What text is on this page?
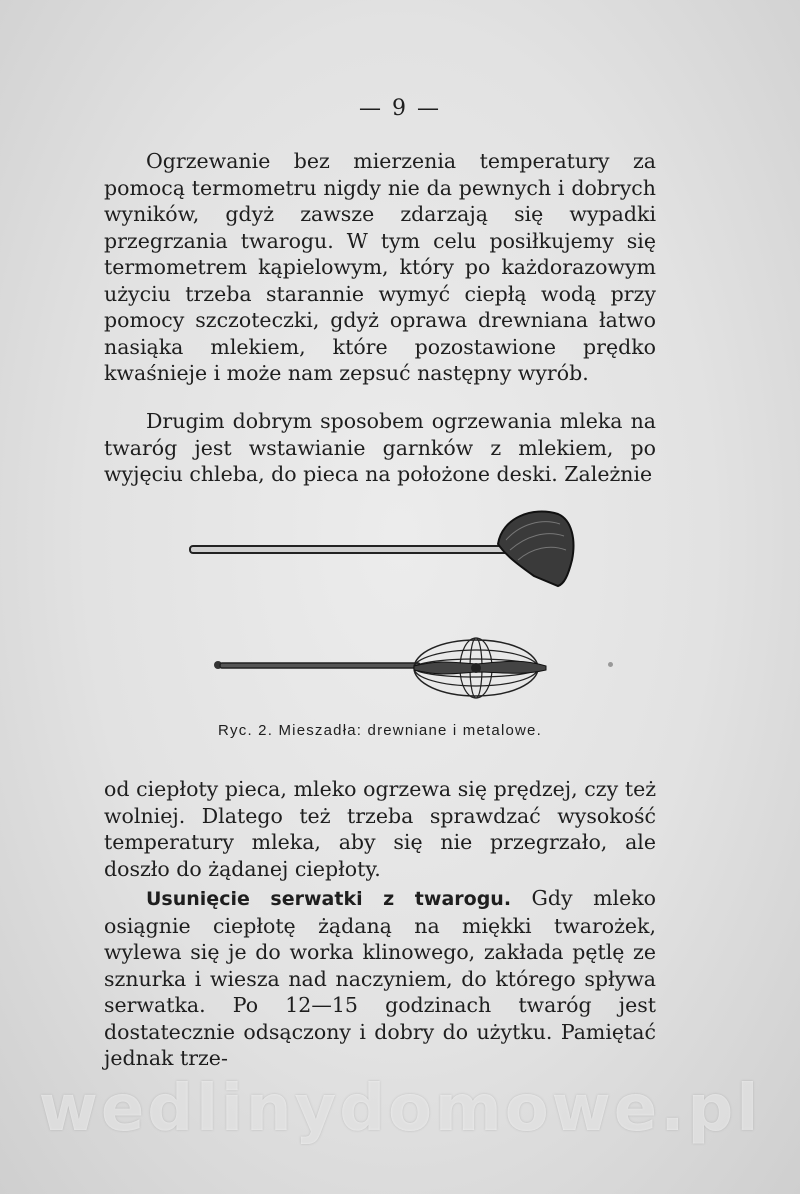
— 9 —

Ogrzewanie bez mierzenia temperatury za pomocą termometru nigdy nie da pewnych i dobrych wyników, gdyż zawsze zdarzają się wypadki przegrzania twarogu. W tym celu posiłkujemy się termometrem kąpielowym, który po każdorazowym użyciu trzeba starannie wymyć ciepłą wodą przy pomocy szczoteczki, gdyż oprawa drewniana łatwo nasiąka mlekiem, które pozostawione prędko kwaśnieje i może nam zepsuć następny wyrób.

Drugim dobrym sposobem ogrzewania mleka na twaróg jest wstawianie garnków z mlekiem, po wyjęciu chleba, do pieca na położone deski. Zależnie

Ryc. 2. Mieszadła: drewniane i metalowe.

od ciepłoty pieca, mleko ogrzewa się prędzej, czy też wolniej. Dlatego też trzeba sprawdzać wysokość temperatury mleka, aby się nie przegrzało, ale doszło do żądanej ciepłoty.

Usunięcie serwatki z twarogu. Gdy mleko osiągnie ciepłotę żądaną na miękki twarożek, wylewa się je do worka klinowego, zakłada pętlę ze sznurka i wiesza nad naczyniem, do którego spływa serwatka. Po 12—15 godzinach twaróg jest dostatecznie odsączony i dobry do użytku. Pamiętać jednak trze-

wedlinydomowe.pl
